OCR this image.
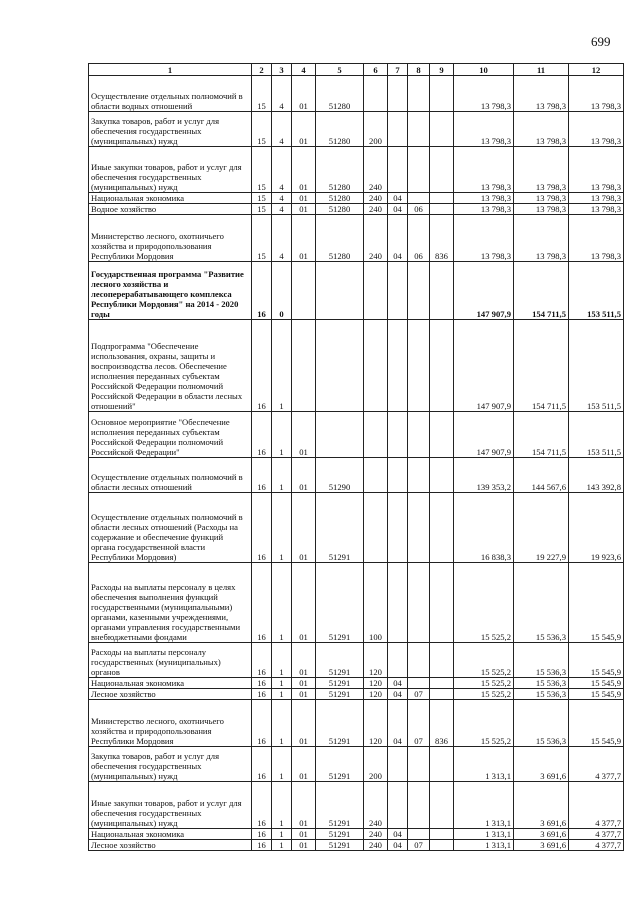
699
1	2	3	4	5	6	7	8	9	10	11	12
Осуществление отдельных полномочий в области водных отношений	15	4	01	51280					13 798,3	13 798,3	13 798,3
Закупка товаров, работ и услуг для обеспечения государственных (муниципальных) нужд	15	4	01	51280	200				13 798,3	13 798,3	13 798,3
Иные закупки товаров, работ и услуг для обеспечения государственных (муниципальных) нужд	15	4	01	51280	240				13 798,3	13 798,3	13 798,3
Национальная экономика	15	4	01	51280	240	04			13 798,3	13 798,3	13 798,3
Водное хозяйство	15	4	01	51280	240	04	06		13 798,3	13 798,3	13 798,3
Министерство лесного, охотничьего хозяйства и природопользования Республики Мордовия	15	4	01	51280	240	04	06	836	13 798,3	13 798,3	13 798,3
Государственная программа "Развитие лесного хозяйства и лесоперерабатывающего комплекса Республики Мордовия" на 2014 - 2020 годы	16	0							147 907,9	154 711,5	153 511,5
Подпрограмма "Обеспечение использования, охраны, защиты и воспроизводства лесов. Обеспечение исполнения переданных субъектам Российской Федерации полномочий Российской Федерации в области лесных отношений"	16	1							147 907,9	154 711,5	153 511,5
Основное мероприятие "Обеспечение исполнения переданных субъектам Российской Федерации полномочий Российской Федерации"	16	1	01						147 907,9	154 711,5	153 511,5
Осуществление отдельных полномочий в области лесных отношений	16	1	01	51290					139 353,2	144 567,6	143 392,8
Осуществление отдельных полномочий в области лесных отношений (Расходы на содержание и обеспечение функций органа государственной власти Республики Мордовия)	16	1	01	51291					16 838,3	19 227,9	19 923,6
Расходы на выплаты персоналу в целях обеспечения выполнения функций государственными (муниципальными) органами, казенными учреждениями, органами управления государственными внебюджетными фондами	16	1	01	51291	100				15 525,2	15 536,3	15 545,9
Расходы на выплаты персоналу государственных (муниципальных) органов	16	1	01	51291	120				15 525,2	15 536,3	15 545,9
Национальная экономика	16	1	01	51291	120	04			15 525,2	15 536,3	15 545,9
Лесное хозяйство	16	1	01	51291	120	04	07		15 525,2	15 536,3	15 545,9
Министерство лесного, охотничьего хозяйства и природопользования Республики Мордовия	16	1	01	51291	120	04	07	836	15 525,2	15 536,3	15 545,9
Закупка товаров, работ и услуг для обеспечения государственных (муниципальных) нужд	16	1	01	51291	200				1 313,1	3 691,6	4 377,7
Иные закупки товаров, работ и услуг для обеспечения государственных (муниципальных) нужд	16	1	01	51291	240				1 313,1	3 691,6	4 377,7
Национальная экономика	16	1	01	51291	240	04			1 313,1	3 691,6	4 377,7
Лесное хозяйство	16	1	01	51291	240	04	07		1 313,1	3 691,6	4 377,7
